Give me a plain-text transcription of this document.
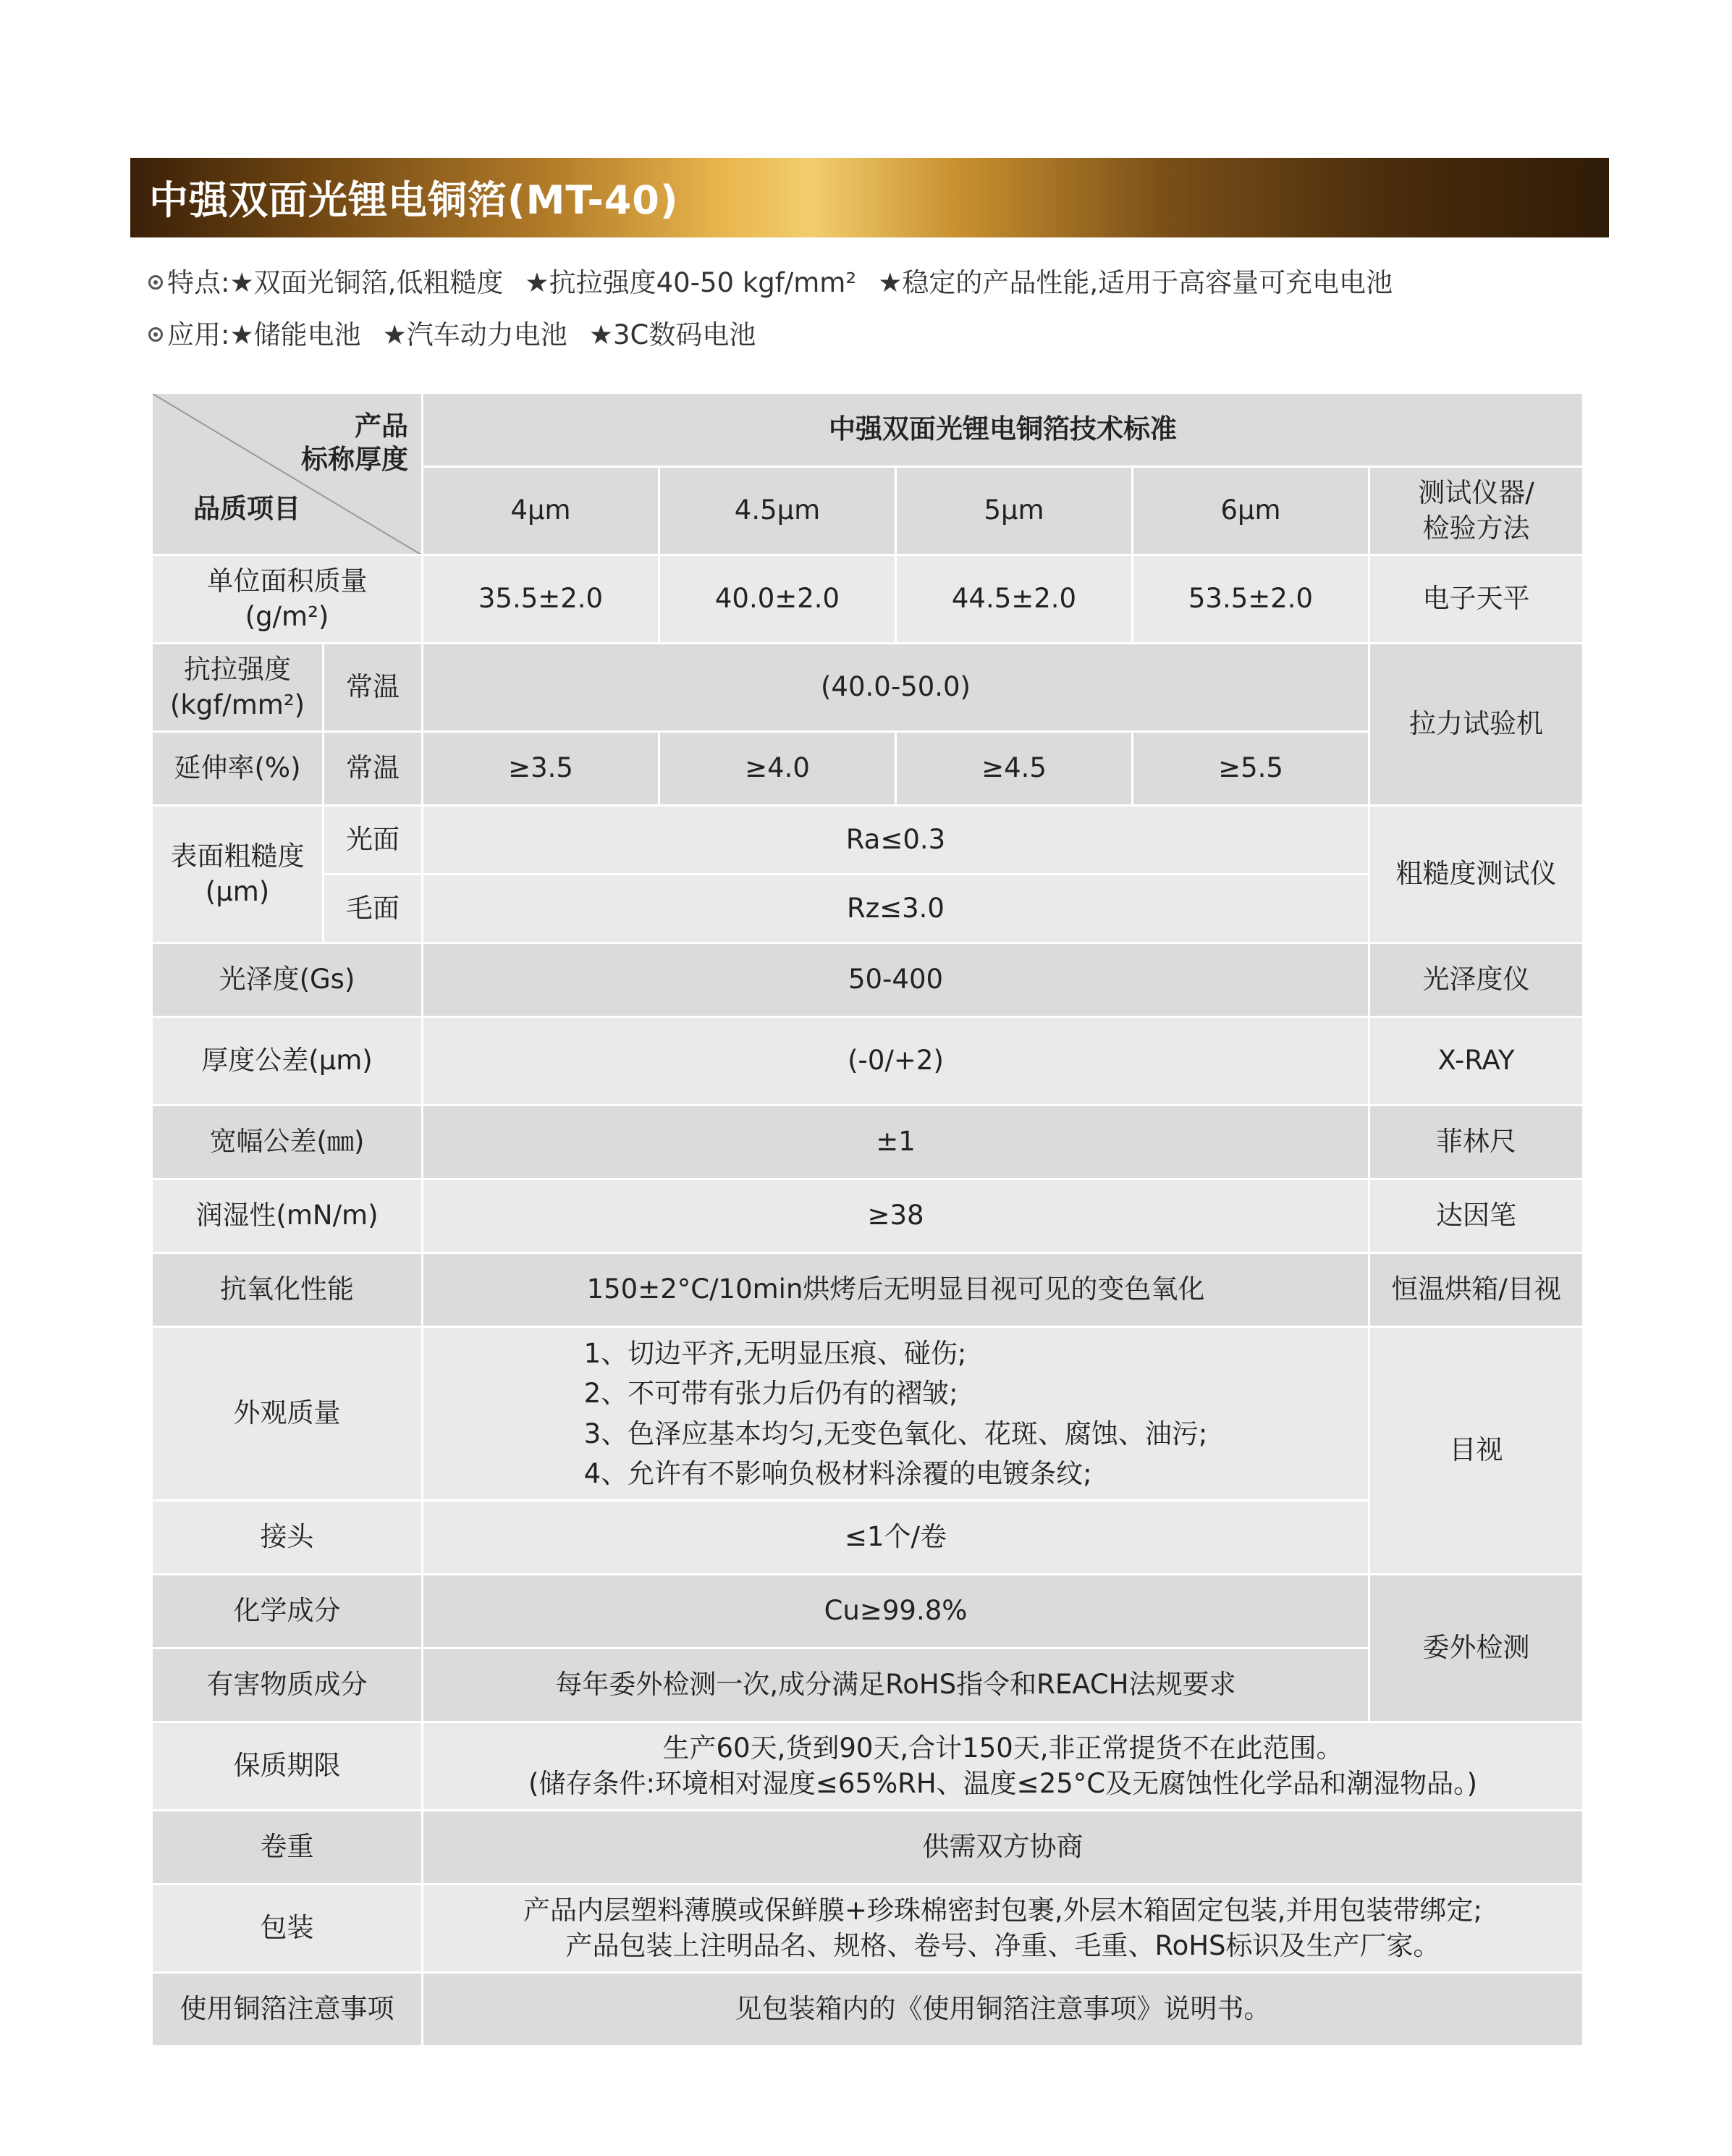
中强双面光锂电铜箔(MT-40)
特点:★双面光铜箔,低粗糙度 ★抗拉强度40-50 kgf/mm² ★稳定的产品性能,适用于高容量可充电电池
应用:★储能电池 ★汽车动力电池 ★3C数码电池
产品
标称厚度
品质项目		中强双面光锂电铜箔技术标准				
		4μm	4.5μm	5μm	6μm	测试仪器/
检验方法

单位面积质量
(g/m²)		35.5±2.0	40.0±2.0	44.5±2.0	53.5±2.0	电子天平

抗拉强度
(kgf/mm²)	常温	(40.0-50.0)				拉力试验机
延伸率(%)	常温	≥3.5	≥4.0	≥4.5	≥5.5	

表面粗糙度
(μm)	光面	Ra≤0.3				粗糙度测试仪
	毛面	Rz≤3.0				
光泽度(Gs)		50-400				光泽度仪
厚度公差(μm)		(-0/+2)				X-RAY
宽幅公差(㎜)		±1				菲林尺
润湿性(mN/m)		≥38				达因笔
抗氧化性能		150±2°C/10min烘烤后无明显目视可见的变色氧化				恒温烘箱/目视
外观质量		1、切边平齐,无明显压痕、碰伤;
2、不可带有张力后仍有的褶皱;
3、色泽应基本均匀,无变色氧化、花斑、腐蚀、油污;
4、允许有不影响负极材料涂覆的电镀条纹;				目视
接头		≤1个/卷				
化学成分		Cu≥99.8%				委外检测
有害物质成分		每年委外检测一次,成分满足RoHS指令和REACH法规要求				
保质期限		生产60天,货到90天,合计150天,非正常提货不在此范围。
(储存条件:环境相对湿度≤65%RH、温度≤25°C及无腐蚀性化学品和潮湿物品。)				

卷重		供需双方协商				
包装		产品内层塑料薄膜或保鲜膜+珍珠棉密封包裹,外层木箱固定包装,并用包装带绑定;
产品包装上注明品名、规格、卷号、净重、毛重、RoHS标识及生产厂家。				

使用铜箔注意事项		见包装箱内的《使用铜箔注意事项》说明书。				
